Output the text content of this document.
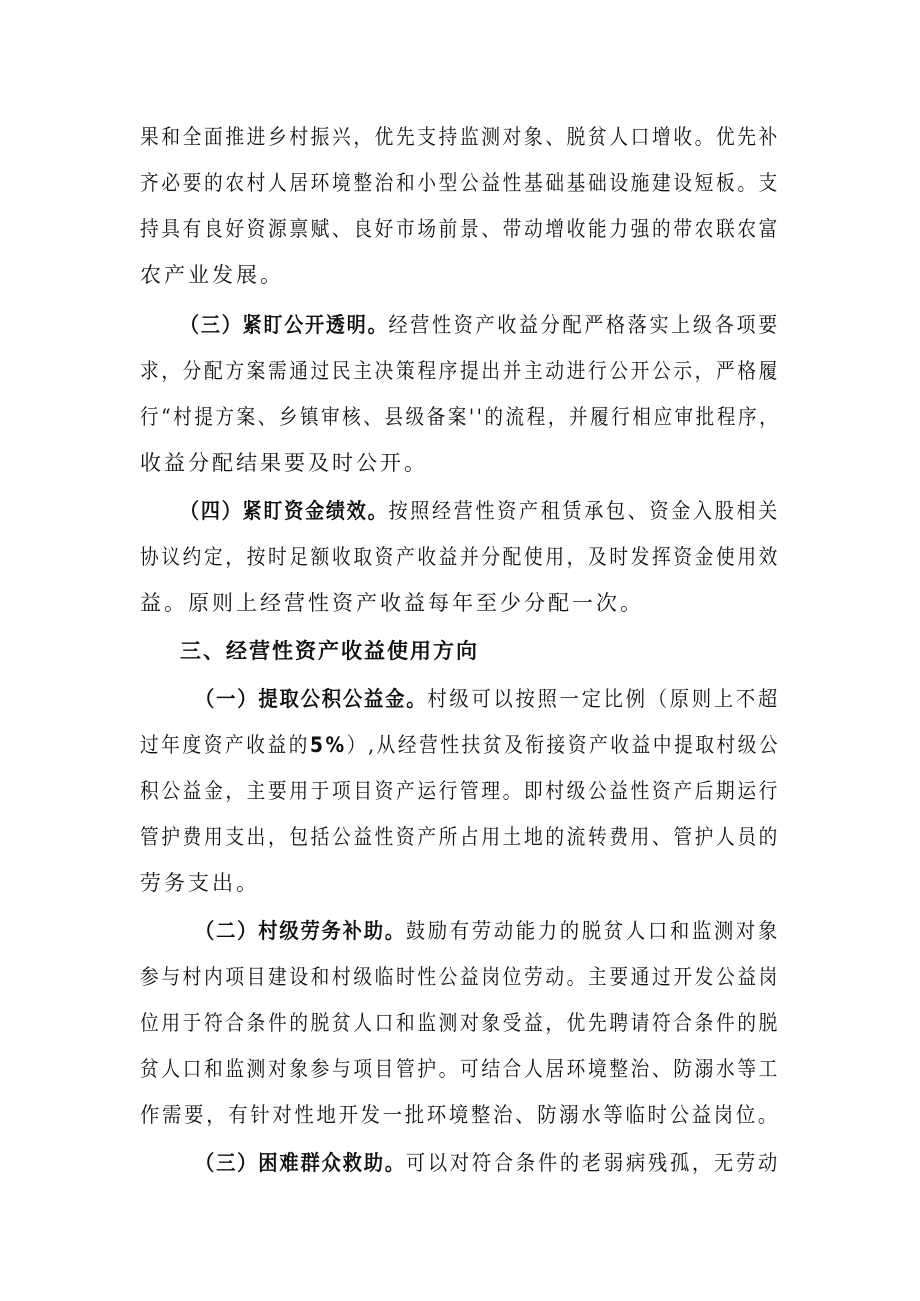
果和全面推进乡村振兴，优先支持监测对象、脱贫人口增收。优先补
齐必要的农村人居环境整治和小型公益性基础基础设施建设短板。支
持具有良好资源禀赋、良好市场前景、带动增收能力强的带农联农富
农产业发展。
（三）紧盯公开透明。经营性资产收益分配严格落实上级各项要
求，分配方案需通过民主决策程序提出并主动进行公开公示，严格履
行“村提方案、乡镇审核、县级备案''的流程，并履行相应审批程序，
收益分配结果要及时公开。
（四）紧盯资金绩效。按照经营性资产租赁承包、资金入股相关
协议约定，按时足额收取资产收益并分配使用，及时发挥资金使用效
益。原则上经营性资产收益每年至少分配一次。
三、经营性资产收益使用方向
（一）提取公积公益金。村级可以按照一定比例（原则上不超
过年度资产收益的5%）,从经营性扶贫及衔接资产收益中提取村级公
积公益金，主要用于项目资产运行管理。即村级公益性资产后期运行
管护费用支出，包括公益性资产所占用土地的流转费用、管护人员的
劳务支出。
（二）村级劳务补助。鼓励有劳动能力的脱贫人口和监测对象
参与村内项目建设和村级临时性公益岗位劳动。主要通过开发公益岗
位用于符合条件的脱贫人口和监测对象受益，优先聘请符合条件的脱
贫人口和监测对象参与项目管护。可结合人居环境整治、防溺水等工
作需要，有针对性地开发一批环境整治、防溺水等临时公益岗位。
（三）困难群众救助。可以对符合条件的老弱病残孤，无劳动
